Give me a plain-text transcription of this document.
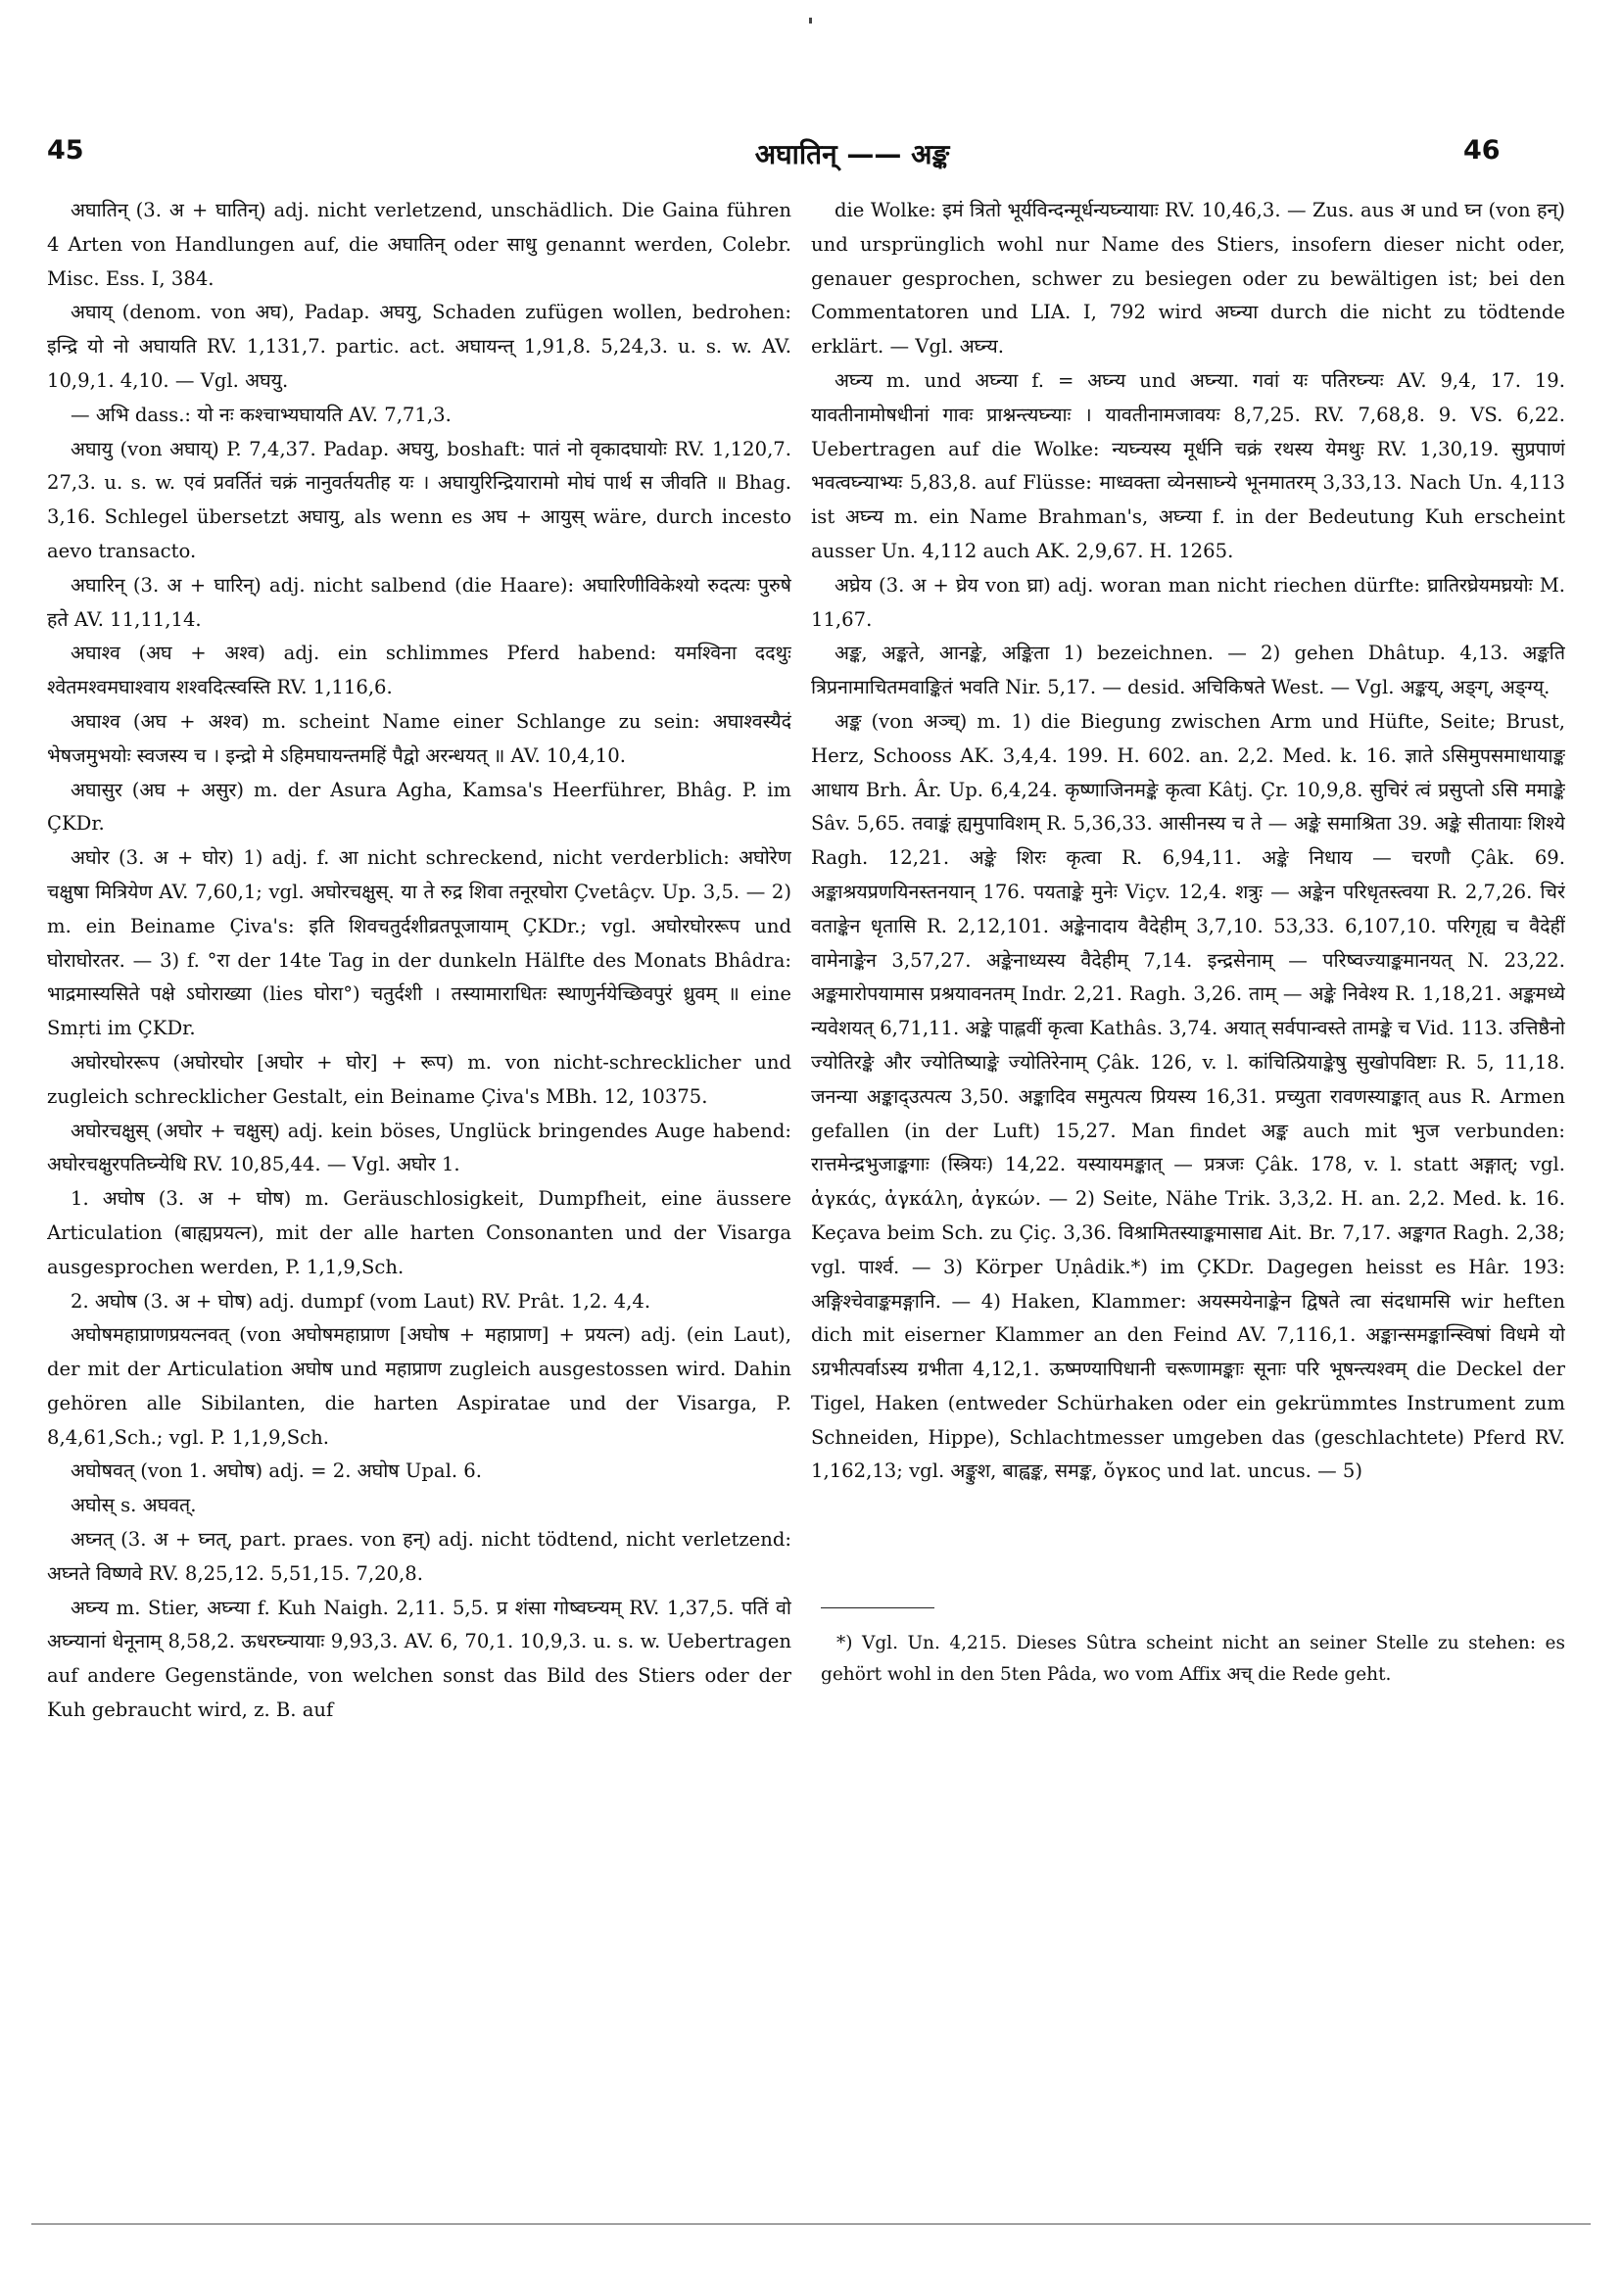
45	अघातिन् —— अङ्क	46

अघातिन् (3. अ + घातिन्) adj. nicht verletzend, unschädlich. Die Gaina führen 4 Arten von Handlungen auf, die अघातिन् oder साधु genannt werden, Colebr. Misc. Ess. I, 384.

अघाय् (denom. von अघ), Padap. अघयु, Schaden zufügen wollen, bedrohen: इन्द्रि यो नो अघायति RV. 1,131,7. partic. act. अघायन्त् 1,91,8. 5,24,3. u. s. w. AV. 10,9,1. 4,10. — Vgl. अघयु.

— अभि dass.: यो नः कश्चाभ्यघायति AV. 7,71,3.

अघायु (von अघाय्) P. 7,4,37. Padap. अघयु, boshaft: पातं नो वृकादघायोः RV. 1,120,7. 27,3. u. s. w. एवं प्रवर्तितं चक्रं नानुवर्तयतीह यः । अघायुरिन्द्रियारामो मोघं पार्थ स जीवति ॥ Bhag. 3,16. Schlegel übersetzt अघायु, als wenn es अघ + आयुस् wäre, durch incesto aevo transacto.

अघारिन् (3. अ + घारिन्) adj. nicht salbend (die Haare): अघारिणीविकेश्यो रुदत्यः पुरुषे हते AV. 11,11,14.

अघाश्व (अघ + अश्व) adj. ein schlimmes Pferd habend: यमश्विना ददथुः श्वेतमश्वमघाश्वाय शश्वदित्स्वस्ति RV. 1,116,6.

अघाश्व (अघ + अश्व) m. scheint Name einer Schlange zu sein: अघाश्वस्यैदं भेषजमुभयोः स्वजस्य च । इन्द्रो मे ऽहिमघायन्तमहिं पैद्वो अरन्धयत् ॥ AV. 10,4,10.

अघासुर (अघ + असुर) m. der Asura Agha, Kamsa's Heerführer, Bhâg. P. im ÇKDr.

अघोर (3. अ + घोर) 1) adj. f. आ nicht schreckend, nicht verderblich: अघोरेण चक्षुषा मित्रियेण AV. 7,60,1; vgl. अघोरचक्षुस्. या ते रुद्र शिवा तनूरघोरा Çvetâçv. Up. 3,5. — 2) m. ein Beiname Çiva's: इति शिवचतुर्दशीव्रतपूजायाम् ÇKDr.; vgl. अघोरघोररूप und घोराघोरतर. — 3) f. °रा der 14te Tag in der dunkeln Hälfte des Monats Bhâdra: भाद्रमास्यसिते पक्षे ऽघोराख्या (lies घोरा°) चतुर्दशी । तस्यामाराधितः स्थाणुर्नयेच्छिवपुरं ध्रुवम् ॥ eine Smṛti im ÇKDr.

अघोरघोररूप (अघोरघोर [अघोर + घोर] + रूप) m. von nicht-schrecklicher und zugleich schrecklicher Gestalt, ein Beiname Çiva's MBh. 12, 10375.

अघोरचक्षुस् (अघोर + चक्षुस्) adj. kein böses, Unglück bringendes Auge habend: अघोरचक्षुरपतिघ्न्येधि RV. 10,85,44. — Vgl. अघोर 1.

1. अघोष (3. अ + घोष) m. Geräuschlosigkeit, Dumpfheit, eine äussere Articulation (बाह्यप्रयत्न), mit der alle harten Consonanten und der Visarga ausgesprochen werden, P. 1,1,9,Sch.

2. अघोष (3. अ + घोष) adj. dumpf (vom Laut) RV. Prât. 1,2. 4,4.

अघोषमहाप्राणप्रयत्नवत् (von अघोषमहाप्राण [अघोष + महाप्राण] + प्रयत्न) adj. (ein Laut), der mit der Articulation अघोष und महाप्राण zugleich ausgestossen wird. Dahin gehören alle Sibilanten, die harten Aspiratae und der Visarga, P. 8,4,61,Sch.; vgl. P. 1,1,9,Sch.

अघोषवत् (von 1. अघोष) adj. = 2. अघोष Upal. 6.

अघोस् s. अघवत्.

अघ्नत् (3. अ + घ्नत्, part. praes. von हन्) adj. nicht tödtend, nicht verletzend: अघ्नते विष्णवे RV. 8,25,12. 5,51,15. 7,20,8.

अघ्न्य m. Stier, अघ्न्या f. Kuh Naigh. 2,11. 5,5. प्र शंसा गोष्वघ्न्यम् RV. 1,37,5. पतिं वो अघ्न्यानां धेनूनाम् 8,58,2. ऊधरघ्न्यायाः 9,93,3. AV. 6, 70,1. 10,9,3. u. s. w. Uebertragen auf andere Gegenstände, von welchen sonst das Bild des Stiers oder der Kuh gebraucht wird, z. B. auf

die Wolke: इमं त्रितो भूर्यविन्दन्मूर्धन्यघ्न्यायाः RV. 10,46,3. — Zus. aus अ und घ्न (von हन्) und ursprünglich wohl nur Name des Stiers, insofern dieser nicht oder, genauer gesprochen, schwer zu besiegen oder zu bewältigen ist; bei den Commentatoren und LIA. I, 792 wird अघ्न्या durch die nicht zu tödtende erklärt. — Vgl. अघ्न्य.

अघ्न्य m. und अघ्न्या f. = अघ्न्य und अघ्न्या. गवां यः पतिरघ्न्यः AV. 9,4, 17. 19. यावतीनामोषधीनां गावः प्राश्नन्त्यघ्न्याः । यावतीनामजावयः 8,7,25. RV. 7,68,8. 9. VS. 6,22. Uebertragen auf die Wolke: न्यघ्न्यस्य मूर्धनि चक्रं रथस्य येमथुः RV. 1,30,19. सुप्रपाणं भवत्वघ्न्याभ्यः 5,83,8. auf Flüsse: माध्वक्ता व्येनसाघ्न्ये भूनमातरम् 3,33,13. Nach Un. 4,113 ist अघ्न्य m. ein Name Brahman's, अघ्न्या f. in der Bedeutung Kuh erscheint ausser Un. 4,112 auch AK. 2,9,67. H. 1265.

अघ्रेय (3. अ + घ्रेय von घ्रा) adj. woran man nicht riechen dürfte: घ्रातिरघ्रेयमघ्रयोः M. 11,67.

अङ्क, अङ्कते, आनङ्के, अङ्किता 1) bezeichnen. — 2) gehen Dhâtup. 4,13. अङ्कति त्रिप्रनामाचितमवाङ्कितं भवति Nir. 5,17. — desid. अचिकिषते West. — Vgl. अङ्कय्, अङ्ग्, अङ्ग्य्.

अङ्क (von अञ्च्) m. 1) die Biegung zwischen Arm und Hüfte, Seite; Brust, Herz, Schooss AK. 3,4,4. 199. H. 602. an. 2,2. Med. k. 16. ज्ञाते ऽसिमुपसमाधायाङ्क आधाय Brh. Âr. Up. 6,4,24. कृष्णाजिनमङ्के कृत्वा Kâtj. Çr. 10,9,8. सुचिरं त्वं प्रसुप्तो ऽसि ममाङ्के Sâv. 5,65. तवाङ्कं ह्यमुपाविशम् R. 5,36,33. आसीनस्य च ते — अङ्के समाश्रिता 39. अङ्के सीतायाः शिश्ये Ragh. 12,21. अङ्के शिरः कृत्वा R. 6,94,11. अङ्के निधाय — चरणौ Çâk. 69. अङ्काश्रयप्रणयिनस्तनयान् 176. पयताङ्के मुनेः Viçv. 12,4. शत्रुः — अङ्केन परिधृतस्त्वया R. 2,7,26. चिरं वताङ्केन धृतासि R. 2,12,101. अङ्केनादाय वैदेहीम् 3,7,10. 53,33. 6,107,10. परिगृह्य च वैदेहीं वामेनाङ्केन 3,57,27. अङ्केनाध्यस्य वैदेहीम् 7,14. इन्द्रसेनाम् — परिष्वज्याङ्कमानयत् N. 23,22. अङ्कमारोपयामास प्रश्रयावनतम् Indr. 2,21. Ragh. 3,26. ताम् — अङ्के निवेश्य R. 1,18,21. अङ्कमध्ये न्यवेशयत् 6,71,11. अङ्के पाह्लवीं कृत्वा Kathâs. 3,74. अयात् सर्वपान्वस्ते तामङ्के च Vid. 113. उत्तिष्ठैनो ज्योतिरङ्के और ज्योतिष्याङ्के ज्योतिरेनाम् Çâk. 126, v. l. कांचित्प्रियाङ्केषु सुखोपविष्टाः R. 5, 11,18. जनन्या अङ्काद्उत्पत्य 3,50. अङ्कादिव समुत्पत्य प्रियस्य 16,31. प्रच्युता रावणस्याङ्कात् aus R. Armen gefallen (in der Luft) 15,27. Man findet अङ्क auch mit भुज verbunden: रात्तमेन्द्रभुजाङ्कगाः (स्त्रियः) 14,22. यस्यायमङ्कात् — प्रत्रजः Çâk. 178, v. l. statt अङ्गात्; vgl. ἀγκάς, ἀγκάλη, ἀγκών. — 2) Seite, Nähe Trik. 3,3,2. H. an. 2,2. Med. k. 16. Keçava beim Sch. zu Çiç. 3,36. विश्रामितस्याङ्कमासाद्य Ait. Br. 7,17. अङ्कगत Ragh. 2,38; vgl. पार्श्व. — 3) Körper Uṇâdik.*) im ÇKDr. Dagegen heisst es Hâr. 193: अङ्गिश्चेवाङ्कमङ्गानि. — 4) Haken, Klammer: अयस्मयेनाङ्केन द्विषते त्वा संदधामसि wir heften dich mit eiserner Klammer an den Feind AV. 7,116,1. अङ्कान्समङ्कान्स्विषां विधमे यो ऽग्रभीत्पर्वाऽस्य ग्रभीता 4,12,1. ऊष्मण्यापिधानी चरूणामङ्काः सूनाः परि भूषन्त्यश्वम् die Deckel der Tigel, Haken (entweder Schürhaken oder ein gekrümmtes Instrument zum Schneiden, Hippe), Schlachtmesser umgeben das (geschlachtete) Pferd RV. 1,162,13; vgl. अङ्कुश, बाह्वङ्क, समङ्क, ὄγκος und lat. uncus. — 5)

*) Vgl. Un. 4,215. Dieses Sûtra scheint nicht an seiner Stelle zu stehen: es gehört wohl in den 5ten Pâda, wo vom Affix अच् die Rede geht.
